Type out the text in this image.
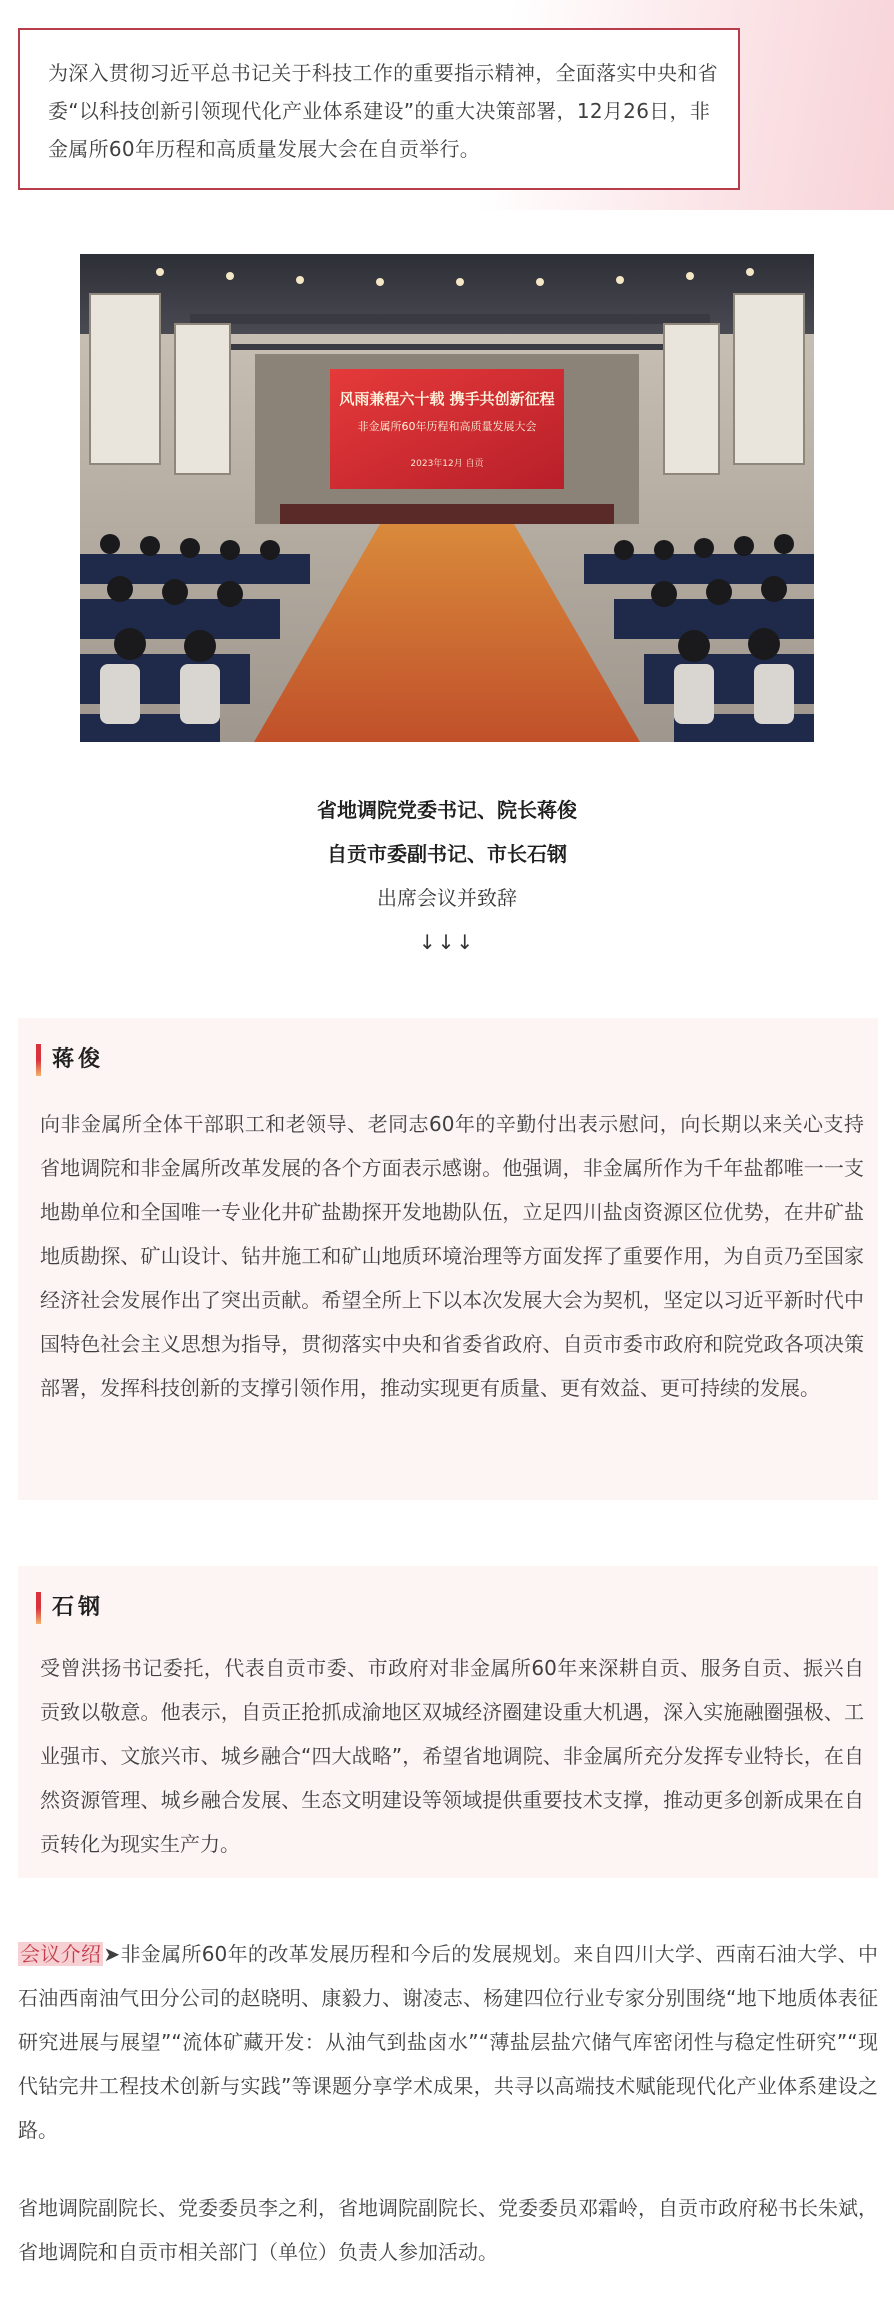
为深入贯彻习近平总书记关于科技工作的重要指示精神，全面落实中央和省委“以科技创新引领现代化产业体系建设”的重大决策部署，12月26日，非金属所60年历程和高质量发展大会在自贡举行。
风雨兼程六十载 携手共创新征程
非金属所60年历程和高质量发展大会
2023年12月 自贡
省地调院党委书记、院长蒋俊
自贡市委副书记、市长石钢
出席会议并致辞
↓↓↓
蒋俊
向非金属所全体干部职工和老领导、老同志60年的辛勤付出表示慰问，向长期以来关心支持省地调院和非金属所改革发展的各个方面表示感谢。他强调，非金属所作为千年盐都唯一一支地勘单位和全国唯一专业化井矿盐勘探开发地勘队伍，立足四川盐卤资源区位优势，在井矿盐地质勘探、矿山设计、钻井施工和矿山地质环境治理等方面发挥了重要作用，为自贡乃至国家经济社会发展作出了突出贡献。希望全所上下以本次发展大会为契机，坚定以习近平新时代中国特色社会主义思想为指导，贯彻落实中央和省委省政府、自贡市委市政府和院党政各项决策部署，发挥科技创新的支撑引领作用，推动实现更有质量、更有效益、更可持续的发展。
石钢
受曾洪扬书记委托，代表自贡市委、市政府对非金属所60年来深耕自贡、服务自贡、振兴自贡致以敬意。他表示，自贡正抢抓成渝地区双城经济圈建设重大机遇，深入实施融圈强极、工业强市、文旅兴市、城乡融合“四大战略”，希望省地调院、非金属所充分发挥专业特长，在自然资源管理、城乡融合发展、生态文明建设等领域提供重要技术支撑，推动更多创新成果在自贡转化为现实生产力。
会议介绍 ➤非金属所60年的改革发展历程和今后的发展规划。来自四川大学、西南石油大学、中石油西南油气田分公司的赵晓明、康毅力、谢凌志、杨建四位行业专家分别围绕“地下地质体表征研究进展与展望”“流体矿藏开发：从油气到盐卤水”“薄盐层盐穴储气库密闭性与稳定性研究”“现代钻完井工程技术创新与实践”等课题分享学术成果，共寻以高端技术赋能现代化产业体系建设之路。
省地调院副院长、党委委员李之利，省地调院副院长、党委委员邓霜岭，自贡市政府秘书长朱斌，省地调院和自贡市相关部门（单位）负责人参加活动。
